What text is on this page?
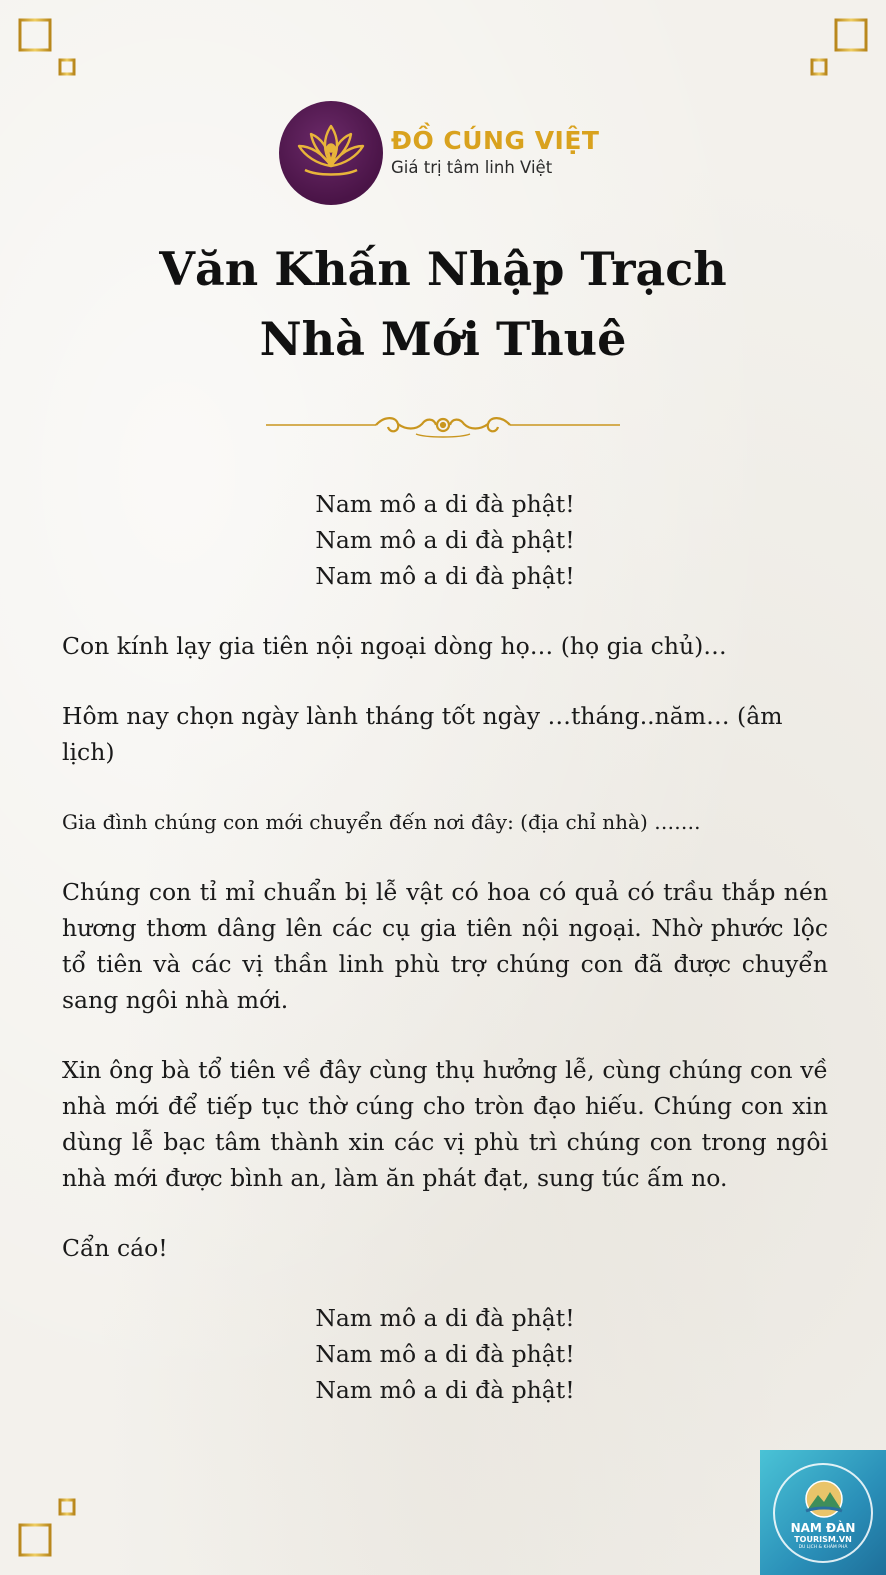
ĐỒ CÚNG VIỆT
Giá trị tâm linh Việt
Văn Khấn Nhập Trạch
Nhà Mới Thuê
Nam mô a di đà phật!
Nam mô a di đà phật!
Nam mô a di đà phật!
Con kính lạy gia tiên nội ngoại dòng họ… (họ gia chủ)…
Hôm nay chọn ngày lành tháng tốt ngày …tháng..năm… (âm lịch)
Gia đình chúng con mới chuyển đến nơi đây: (địa chỉ nhà) …….
Chúng con tỉ mỉ chuẩn bị lễ vật có hoa có quả có trầu thắp nén hương thơm dâng lên các cụ gia tiên nội ngoại. Nhờ phước lộc tổ tiên và các vị thần linh phù trợ chúng con đã được chuyển sang ngôi nhà mới.
Xin ông bà tổ tiên về đây cùng thụ hưởng lễ, cùng chúng con về nhà mới để tiếp tục thờ cúng cho tròn đạo hiếu. Chúng con xin dùng lễ bạc tâm thành xin các vị phù trì chúng con trong ngôi nhà mới được bình an, làm ăn phát đạt, sung túc ấm no.
Cẩn cáo!
Nam mô a di đà phật!
Nam mô a di đà phật!
Nam mô a di đà phật!
NAM ĐÀN
TOURISM.VN
DU LỊCH & KHÁM PHÁ
